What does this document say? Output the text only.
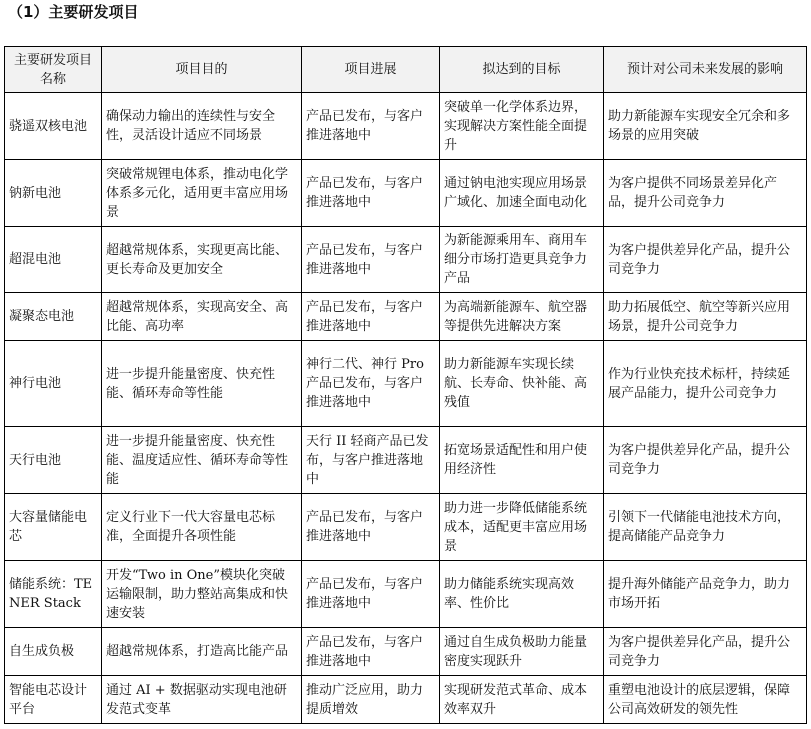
（1）主要研发项目
主要研发项目名称	项目目的	项目进展	拟达到的目标	预计对公司未来发展的影响
骁遥双核电池	确保动力输出的连续性与安全性，灵活设计适应不同场景	产品已发布，与客户推进落地中	突破单一化学体系边界，实现解决方案性能全面提升	助力新能源车实现安全冗余和多场景的应用突破
钠新电池	突破常规锂电体系，推动电化学体系多元化，适用更丰富应用场景	产品已发布，与客户推进落地中	通过钠电池实现应用场景广域化、加速全面电动化	为客户提供不同场景差异化产品，提升公司竞争力
超混电池	超越常规体系，实现更高比能、更长寿命及更加安全	产品已发布，与客户推进落地中	为新能源乘用车、商用车细分市场打造更具竞争力产品	为客户提供差异化产品，提升公司竞争力
凝聚态电池	超越常规体系，实现高安全、高比能、高功率	产品已发布，与客户推进落地中	为高端新能源车、航空器等提供先进解决方案	助力拓展低空、航空等新兴应用场景，提升公司竞争力
神行电池	进一步提升能量密度、快充性能、循环寿命等性能	神行二代、神行 Pro 产品已发布，与客户推进落地中	助力新能源车实现长续航、长寿命、快补能、高残值	作为行业快充技术标杆，持续延展产品能力，提升公司竞争力
天行电池	进一步提升能量密度、快充性能、温度适应性、循环寿命等性能	天行 II 轻商产品已发布，与客户推进落地中	拓宽场景适配性和用户使用经济性	为客户提供差异化产品，提升公司竞争力
大容量储能电芯	定义行业下一代大容量电芯标准，全面提升各项性能	产品已发布，与客户推进落地中	助力进一步降低储能系统成本，适配更丰富应用场景	引领下一代储能电池技术方向，提高储能产品竞争力
储能系统：TENER Stack	开发“Two in One”模块化突破运输限制，助力整站高集成和快速安装	产品已发布，与客户推进落地中	助力储能系统实现高效率、性价比	提升海外储能产品竞争力，助力市场开拓
自生成负极	超越常规体系，打造高比能产品	产品已发布，与客户推进落地中	通过自生成负极助力能量密度实现跃升	为客户提供差异化产品，提升公司竞争力
智能电芯设计平台	通过 AI + 数据驱动实现电池研发范式变革	推动广泛应用，助力提质增效	实现研发范式革命、成本效率双升	重塑电池设计的底层逻辑，保障公司高效研发的领先性
